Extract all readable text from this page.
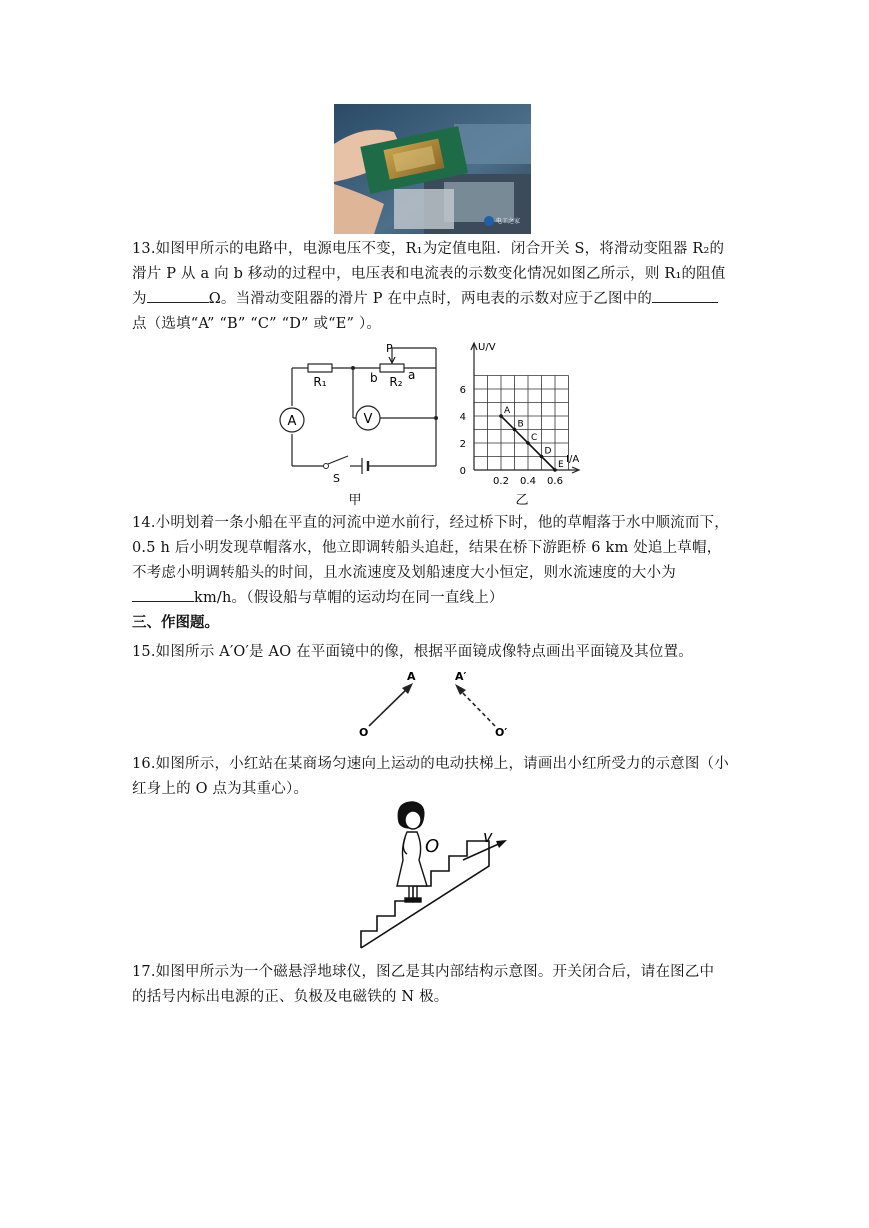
电工之家
13.如图甲所示的电路中，电源电压不变，R₁为定值电阻．闭合开关 S，将滑动变阻器 R₂的
滑片 P 从 a 向 b 移动的过程中，电压表和电流表的示数变化情况如图乙所示，则 R₁的阻值
为	Ω。当滑动变阻器的滑片 P 在中点时，两电表的示数对应于乙图中的
点（选填“A” “B” “C” “D” 或“E” ）。
A	V
R₁	R₂
P
a
b
S
甲
A
B
C
D
E
U/V
I/A
6
4
2
0
0.2 0.4 0.6
乙
14.小明划着一条小船在平直的河流中逆水前行，经过桥下时，他的草帽落于水中顺流而下，
0.5 h 后小明发现草帽落水，他立即调转船头追赶，结果在桥下游距桥 6 km 处追上草帽，
不考虑小明调转船头的时间，且水流速度及划船速度大小恒定，则水流速度的大小为
km/h。（假设船与草帽的运动均在同一直线上）
三、作图题。
15.如图所示 A′O′是 AO 在平面镜中的像，根据平面镜成像特点画出平面镜及其位置。
A
O
A′
O′
16.如图所示，小红站在某商场匀速向上运动的电动扶梯上，请画出小红所受力的示意图（小
红身上的 O 点为其重心）。
O	v
17.如图甲所示为一个磁悬浮地球仪，图乙是其内部结构示意图。开关闭合后，请在图乙中
的括号内标出电源的正、负极及电磁铁的 N 极。
